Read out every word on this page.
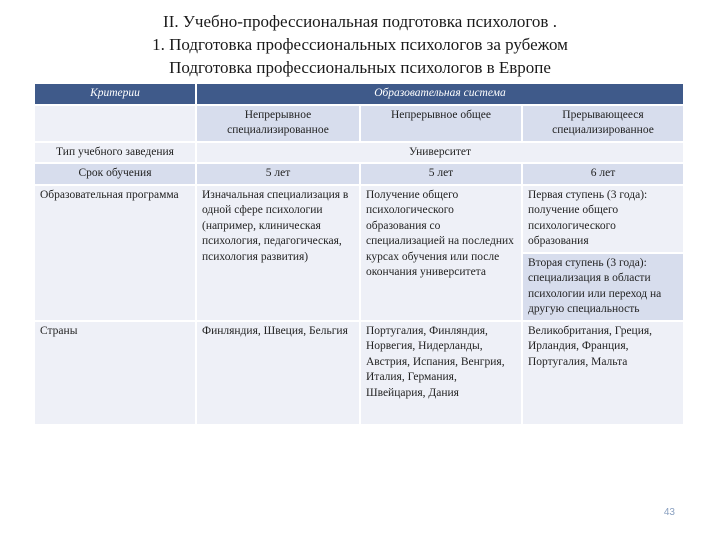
II. Учебно-профессиональная подготовка психологов .
1. Подготовка профессиональных психологов за рубежом
Подготовка профессиональных психологов в Европе
Критерии	Образовательная система		
	Непрерывное специализированное	Непрерывное общее	Прерывающееся специализированное
Тип учебного заведения	Университет		
Срок обучения	5 лет	5 лет	6 лет
Образовательная программа	Изначальная специализация в одной сфере психологии (например, клиническая психология, педагогическая, психология развития)	Получение общего психологического образования со специализацией на последних курсах обучения или после окончания университета	Первая ступень (3 года): получение общего психологического образования
			Вторая ступень (3 года): специализация в области психологии или переход на другую специальность
Страны	Финляндия, Швеция, Бельгия	Португалия, Финляндия, Норвегия, Нидерланды, Австрия, Испания, Венгрия, Италия, Германия, Швейцария, Дания	Великобритания, Греция, Ирландия, Франция, Португалия, Мальта
43
